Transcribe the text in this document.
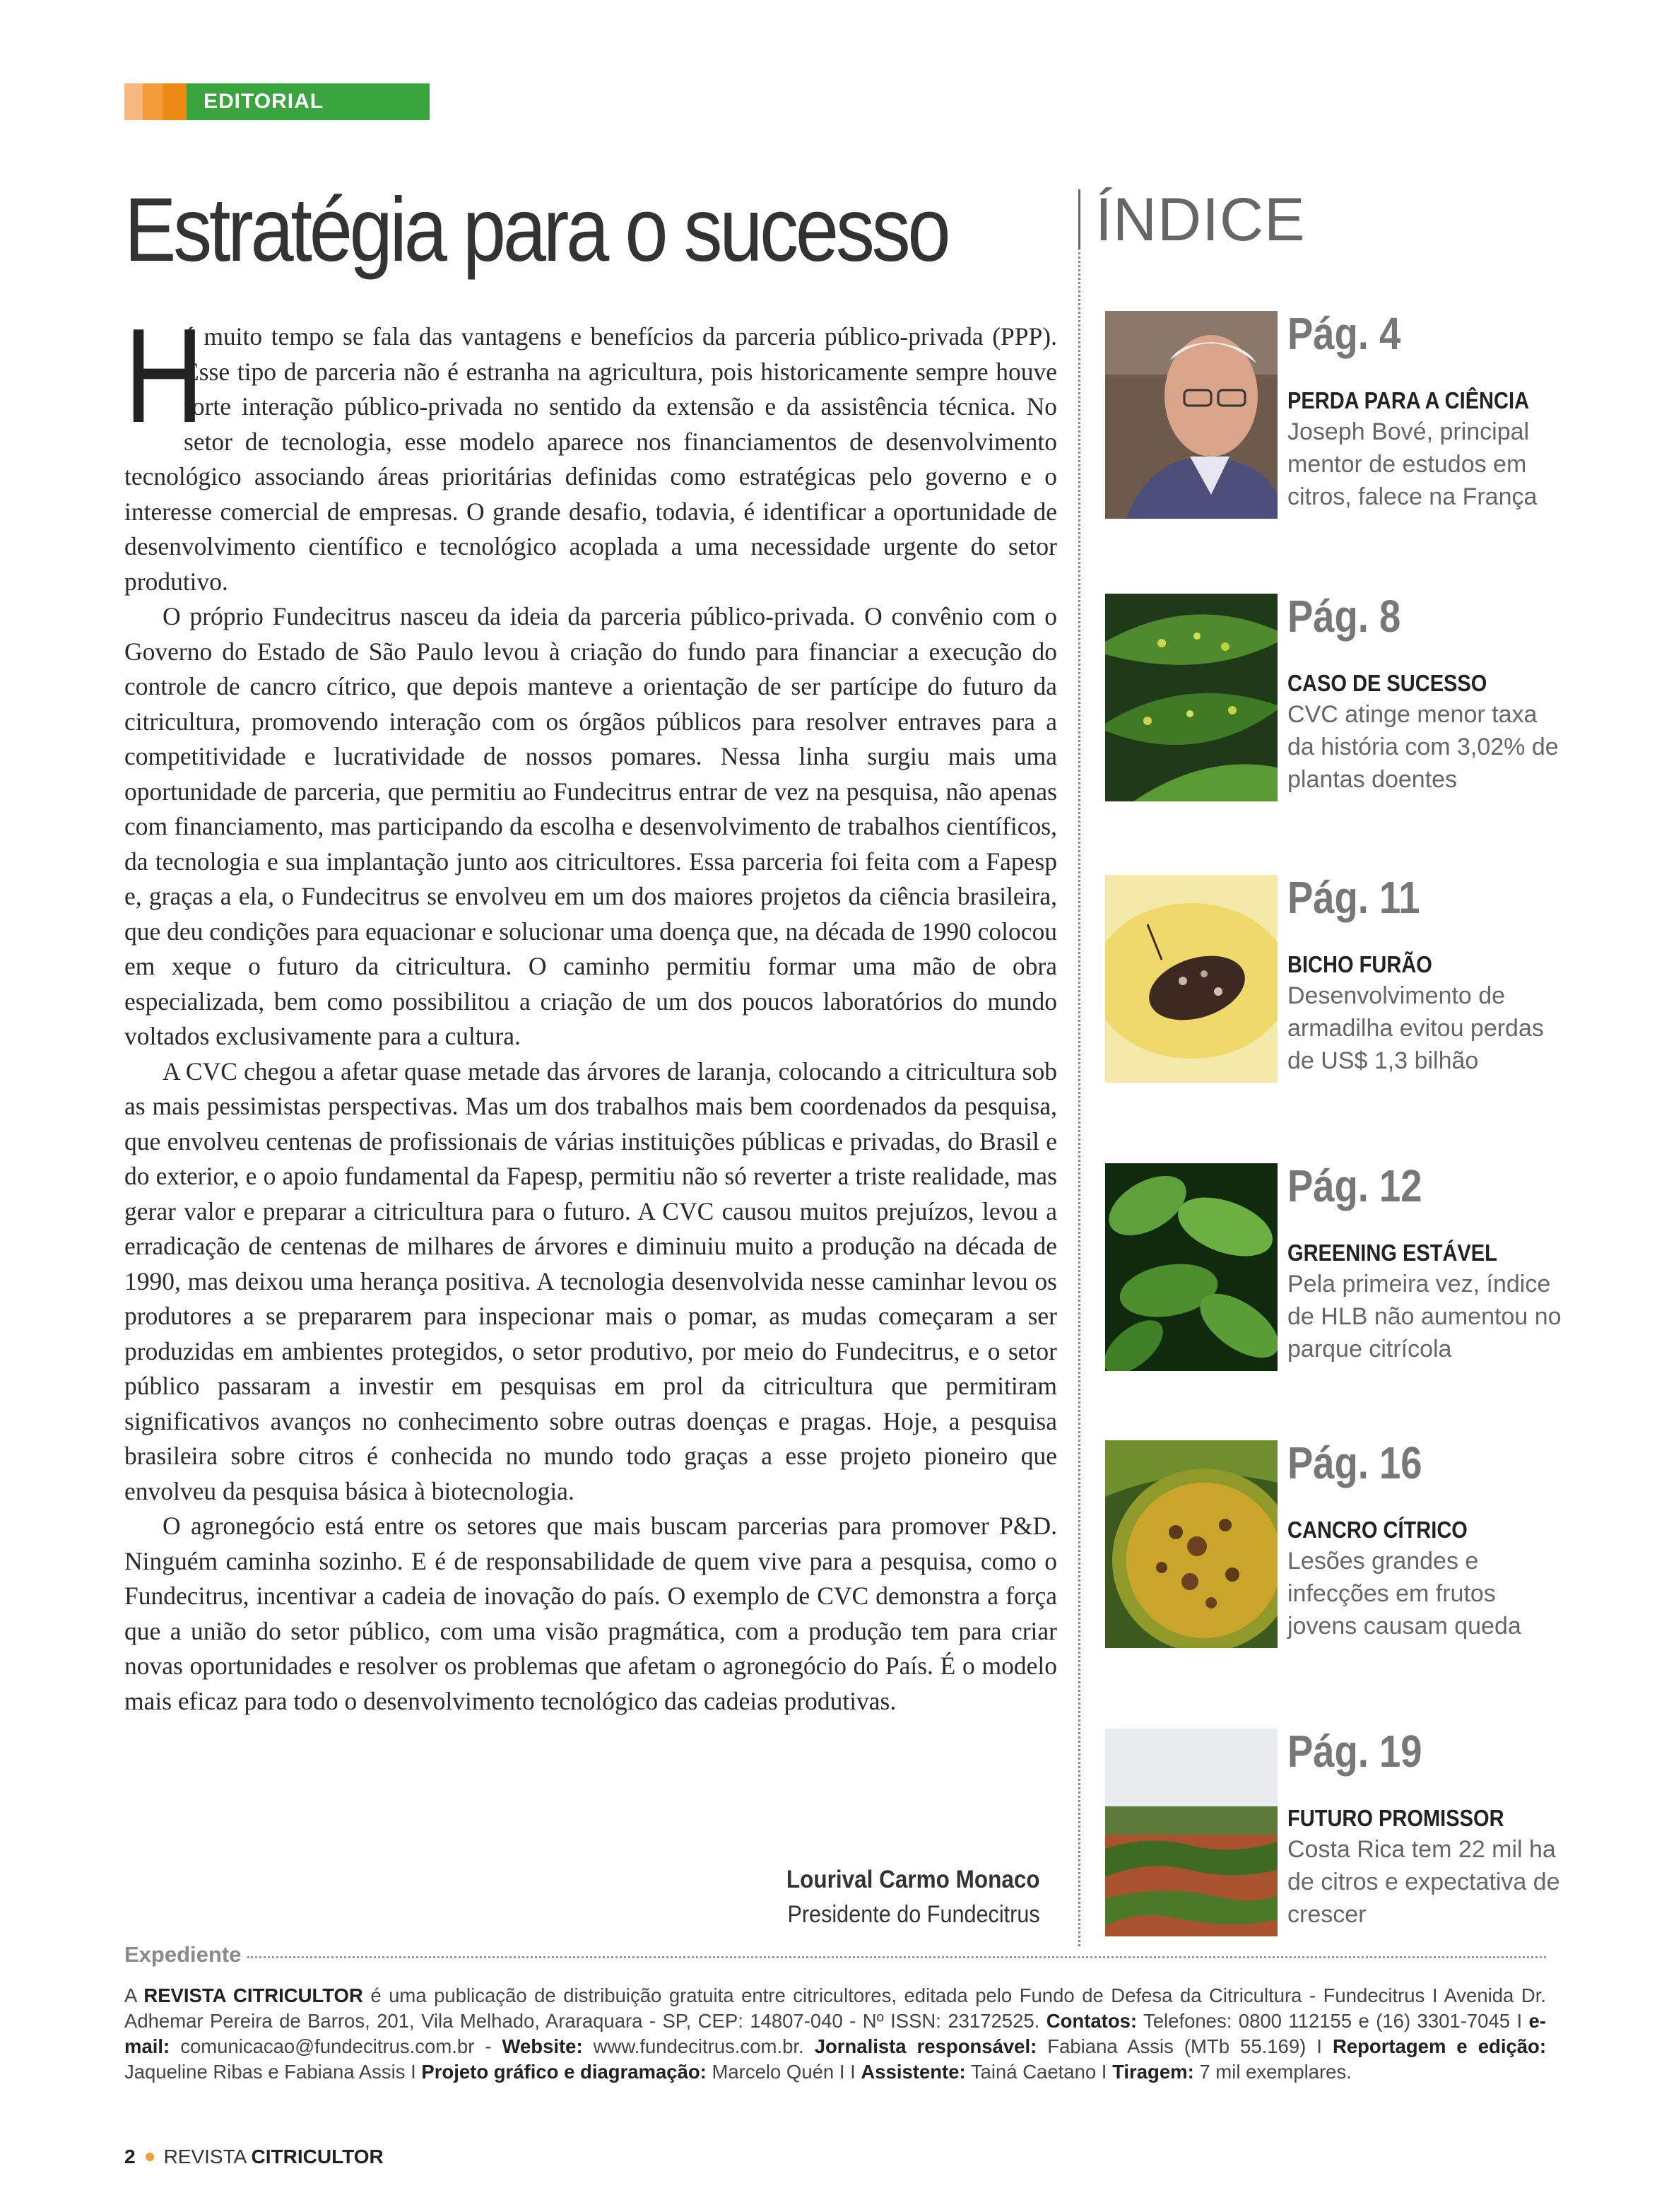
EDITORIAL
Estratégia para o sucesso
H

á muito tempo se fala das vantagens e benefícios da parceria público-privada (PPP). Esse tipo de parceria não é estranha na agricultura, pois historicamente sempre houve forte interação público-privada no sentido da extensão e da assistência técnica. No setor de tecnologia, esse modelo aparece nos financiamentos de desenvolvimento tecnológico associando áreas prioritárias definidas como estratégicas pelo governo e o interesse comercial de empresas. O grande desafio, todavia, é identificar a oportunidade de desenvolvimento científico e tecnológico acoplada a uma necessidade urgente do setor produtivo.

O próprio Fundecitrus nasceu da ideia da parceria público-privada. O convênio com o Governo do Estado de São Paulo levou à criação do fundo para financiar a execução do controle de cancro cítrico, que depois manteve a orientação de ser partícipe do futuro da citricultura, promovendo interação com os órgãos públicos para resolver entraves para a competitividade e lucratividade de nossos pomares. Nessa linha surgiu mais uma oportunidade de parceria, que permitiu ao Fundecitrus entrar de vez na pesquisa, não apenas com financiamento, mas participando da escolha e desenvolvimento de trabalhos científicos, da tecnologia e sua implantação junto aos citricultores. Essa parceria foi feita com a Fapesp e, graças a ela, o Fundecitrus se envolveu em um dos maiores projetos da ciência brasileira, que deu condições para equacionar e solucionar uma doença que, na década de 1990 colocou em xeque o futuro da citricultura. O caminho permitiu formar uma mão de obra especializada, bem como possibilitou a criação de um dos poucos laboratórios do mundo voltados exclusivamente para a cultura.

A CVC chegou a afetar quase metade das árvores de laranja, colocando a citricultura sob as mais pessimistas perspectivas. Mas um dos trabalhos mais bem coordenados da pesquisa, que envolveu centenas de profissionais de várias instituições públicas e privadas, do Brasil e do exterior, e o apoio fundamental da Fapesp, permitiu não só reverter a triste realidade, mas gerar valor e preparar a citricultura para o futuro. A CVC causou muitos prejuízos, levou a erradicação de centenas de milhares de árvores e diminuiu muito a produção na década de 1990, mas deixou uma herança positiva. A tecnologia desenvolvida nesse caminhar levou os produtores a se prepararem para inspecionar mais o pomar, as mudas começaram a ser produzidas em ambientes protegidos, o setor produtivo, por meio do Fundecitrus, e o setor público passaram a investir em pesquisas em prol da citricultura que permitiram significativos avanços no conhecimento sobre outras doenças e pragas. Hoje, a pesquisa brasileira sobre citros é conhecida no mundo todo graças a esse projeto pioneiro que envolveu da pesquisa básica à biotecnologia.

O agronegócio está entre os setores que mais buscam parcerias para promover P&D. Ninguém caminha sozinho. E é de responsabilidade de quem vive para a pesquisa, como o Fundecitrus, incentivar a cadeia de inovação do país. O exemplo de CVC demonstra a força que a união do setor público, com uma visão pragmática, com a produção tem para criar novas oportunidades e resolver os problemas que afetam o agronegócio do País. É o modelo mais eficaz para todo o desenvolvimento tecnológico das cadeias produtivas.

Lourival Carmo Monaco
Presidente do Fundecitrus
ÍNDICE
Pág. 4
PERDA PARA A CIÊNCIA
Joseph Bové, principal mentor de estudos em citros, falece na França
Pág. 8
CASO DE SUCESSO
CVC atinge menor taxa da história com 3,02% de plantas doentes
Pág. 11
BICHO FURÃO
Desenvolvimento de armadilha evitou perdas de US$ 1,3 bilhão
Pág. 12
GREENING ESTÁVEL
Pela primeira vez, índice de HLB não aumentou no parque citrícola
Pág. 16
CANCRO CÍTRICO
Lesões grandes e infecções em frutos jovens causam queda
Pág. 19
FUTURO PROMISSOR
Costa Rica tem 22 mil ha de citros e expectativa de crescer
Expediente
A REVISTA CITRICULTOR é uma publicação de distribuição gratuita entre citricultores, editada pelo Fundo de Defesa da Citricultura - Fundecitrus I Avenida Dr. Adhemar Pereira de Barros, 201, Vila Melhado, Araraquara - SP, CEP: 14807-040 - Nº ISSN: 23172525. Contatos: Telefones: 0800 112155 e (16) 3301-7045 I e-mail: comunicacao@fundecitrus.com.br - Website: www.fundecitrus.com.br. Jornalista responsável: Fabiana Assis (MTb 55.169) I Reportagem e edição: Jaqueline Ribas e Fabiana Assis I Projeto gráfico e diagramação: Marcelo Quén I I Assistente: Tainá Caetano I Tiragem: 7 mil exemplares.
2 REVISTA CITRICULTOR
